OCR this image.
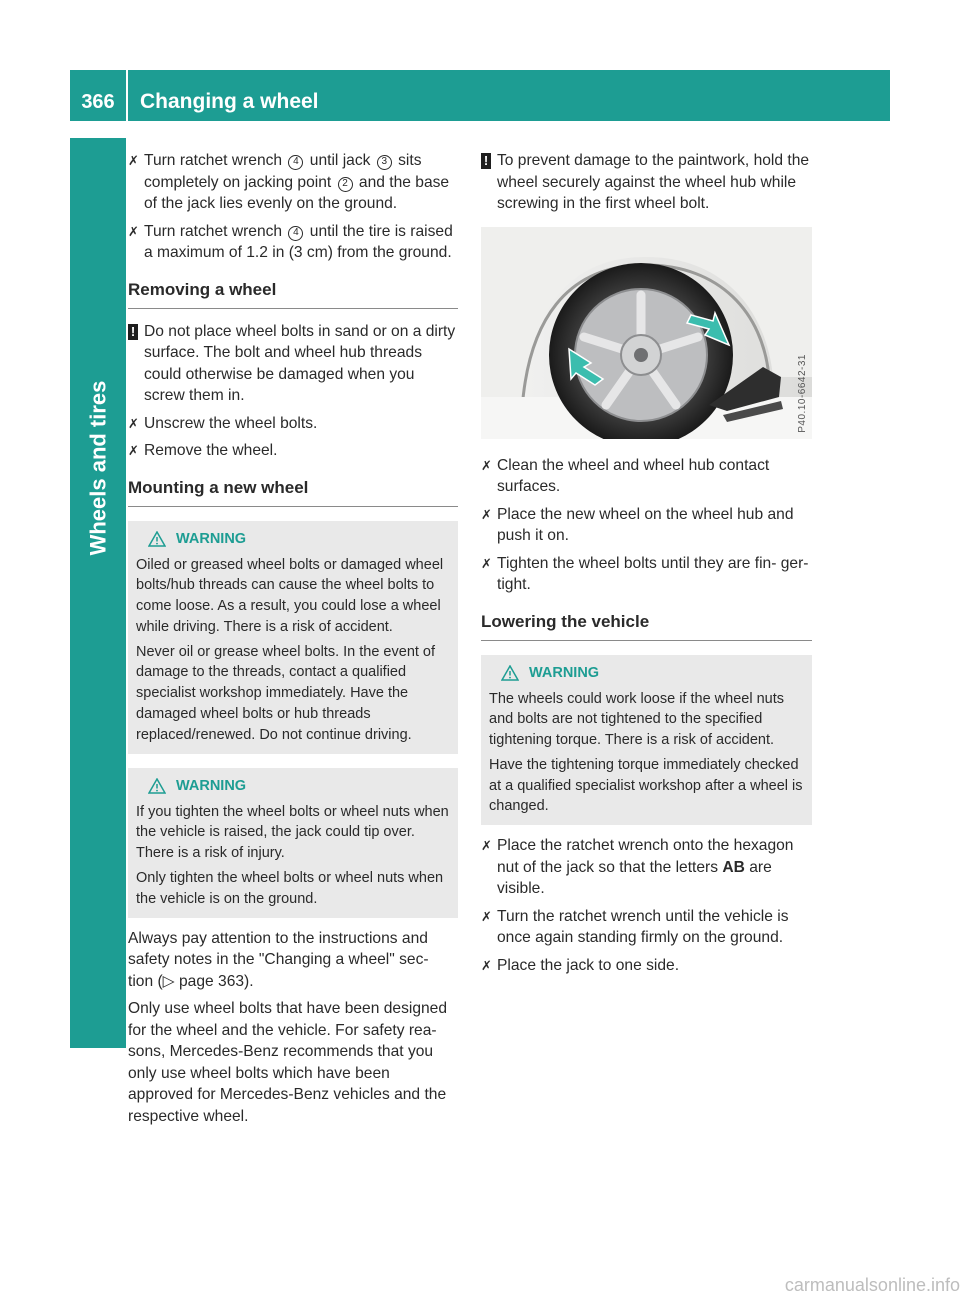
366	Changing a wheel
Wheels and tires
✗ Turn ratchet wrench 4 until jack 3 sits completely on jacking point 2 and the base of the jack lies evenly on the ground.
✗ Turn ratchet wrench 4 until the tire is raised a maximum of 1.2 in (3 cm) from the ground.
Removing a wheel
! Do not place wheel bolts in sand or on a dirty surface. The bolt and wheel hub threads could otherwise be damaged when you screw them in.
✗ Unscrew the wheel bolts.
✗ Remove the wheel.
Mounting a new wheel
WARNING
Oiled or greased wheel bolts or damaged wheel bolts/hub threads can cause the wheel bolts to come loose. As a result, you could lose a wheel while driving. There is a risk of accident.
Never oil or grease wheel bolts. In the event of damage to the threads, contact a qualified specialist workshop immediately. Have the damaged wheel bolts or hub threads replaced/renewed. Do not continue driving.
WARNING
If you tighten the wheel bolts or wheel nuts when the vehicle is raised, the jack could tip over. There is a risk of injury.
Only tighten the wheel bolts or wheel nuts when the vehicle is on the ground.
Always pay attention to the instructions and safety notes in the "Changing a wheel" sec- tion (▷ page 363).
Only use wheel bolts that have been designed for the wheel and the vehicle. For safety rea- sons, Mercedes-Benz recommends that you only use wheel bolts which have been approved for Mercedes-Benz vehicles and the respective wheel.
! To prevent damage to the paintwork, hold the wheel securely against the wheel hub while screwing in the first wheel bolt.
P40.10-6642-31
✗ Clean the wheel and wheel hub contact surfaces.
✗ Place the new wheel on the wheel hub and push it on.
✗ Tighten the wheel bolts until they are fin- ger-tight.
Lowering the vehicle
WARNING
The wheels could work loose if the wheel nuts and bolts are not tightened to the specified tightening torque. There is a risk of accident.
Have the tightening torque immediately checked at a qualified specialist workshop after a wheel is changed.
✗ Place the ratchet wrench onto the hexagon nut of the jack so that the letters AB are visible.
✗ Turn the ratchet wrench until the vehicle is once again standing firmly on the ground.
✗ Place the jack to one side.
carmanualsonline.info
